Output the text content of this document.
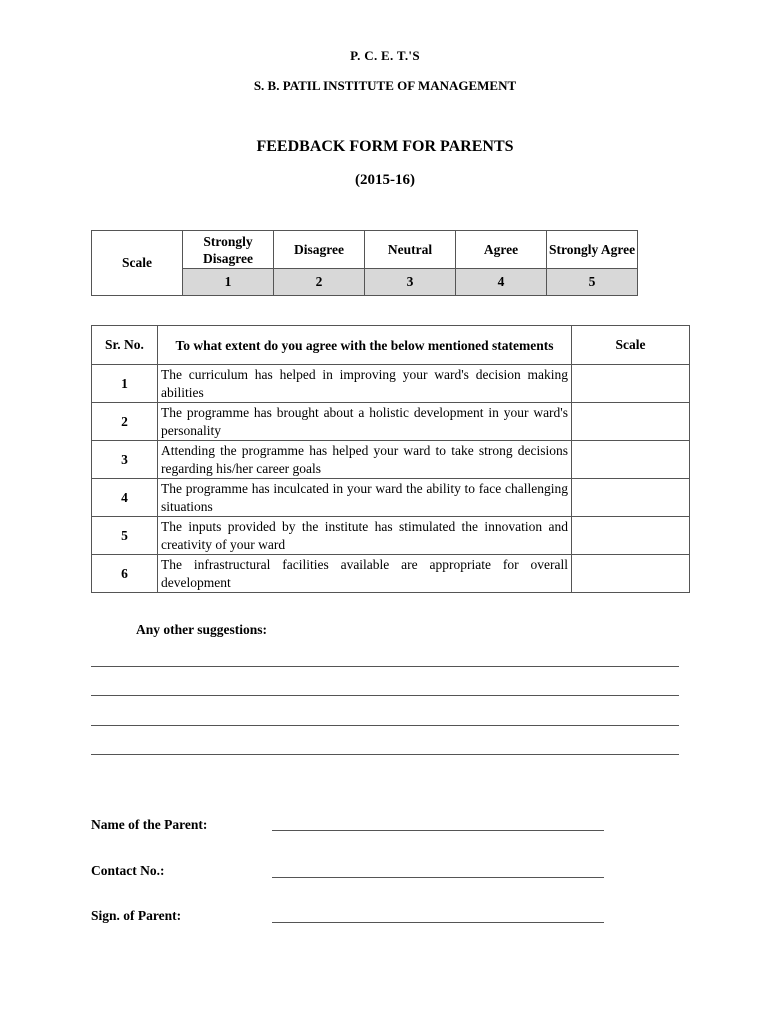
P. C. E. T.'S
S. B. PATIL INSTITUTE OF MANAGEMENT
FEEDBACK FORM FOR PARENTS
(2015-16)
Scale	Strongly Disagree	Disagree	Neutral	Agree	Strongly Agree
	1	2	3	4	5
Sr. No.	To what extent do you agree with the below mentioned statements	Scale
1	The curriculum has helped in improving your ward's decision making abilities	
2	The programme has brought about a holistic development in your ward's personality	
3	Attending the programme has helped your ward to take strong decisions regarding his/her career goals	
4	The programme has inculcated in your ward the ability to face challenging situations	
5	The inputs provided by the institute has stimulated the innovation and creativity of your ward	
6	The infrastructural facilities available are appropriate for overall development	
Any other suggestions:
Name of the Parent:
Contact No.:
Sign. of Parent:
